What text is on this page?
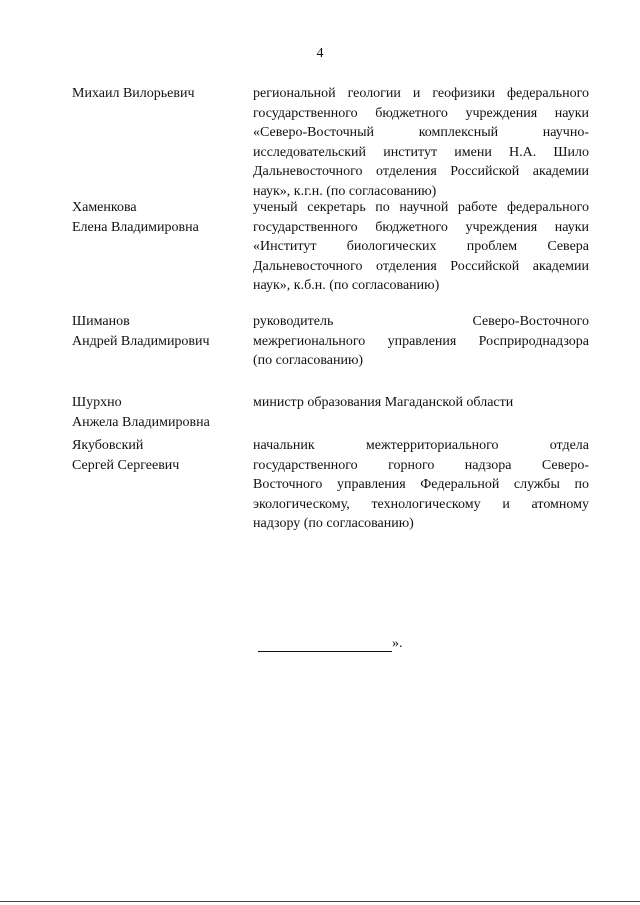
4
Михаил Вилорьевич	региональной геологии и геофизики федерального
государственного бюджетного учреждения науки
«Северо-Восточный комплексный научно-
исследовательский институт имени Н.А. Шило
Дальневосточного отделения Российской академии
наук», к.г.н. (по согласованию)
Хаменкова
Елена Владимировна
ученый секретарь по научной работе федерального
государственного бюджетного учреждения науки
«Институт биологических проблем Севера
Дальневосточного отделения Российской академии
наук», к.б.н. (по согласованию)
Шиманов
Андрей Владимирович
руководитель Северо-Восточного
межрегионального управления Росприроднадзора
(по согласованию)
Шурхно
Анжела Владимировна
министр образования Магаданской области
Якубовский
Сергей Сергеевич
начальник межтерриториального отдела
государственного горного надзора Северо-
Восточного управления Федеральной службы по
экологическому, технологическому и атомному
надзору (по согласованию)
».
